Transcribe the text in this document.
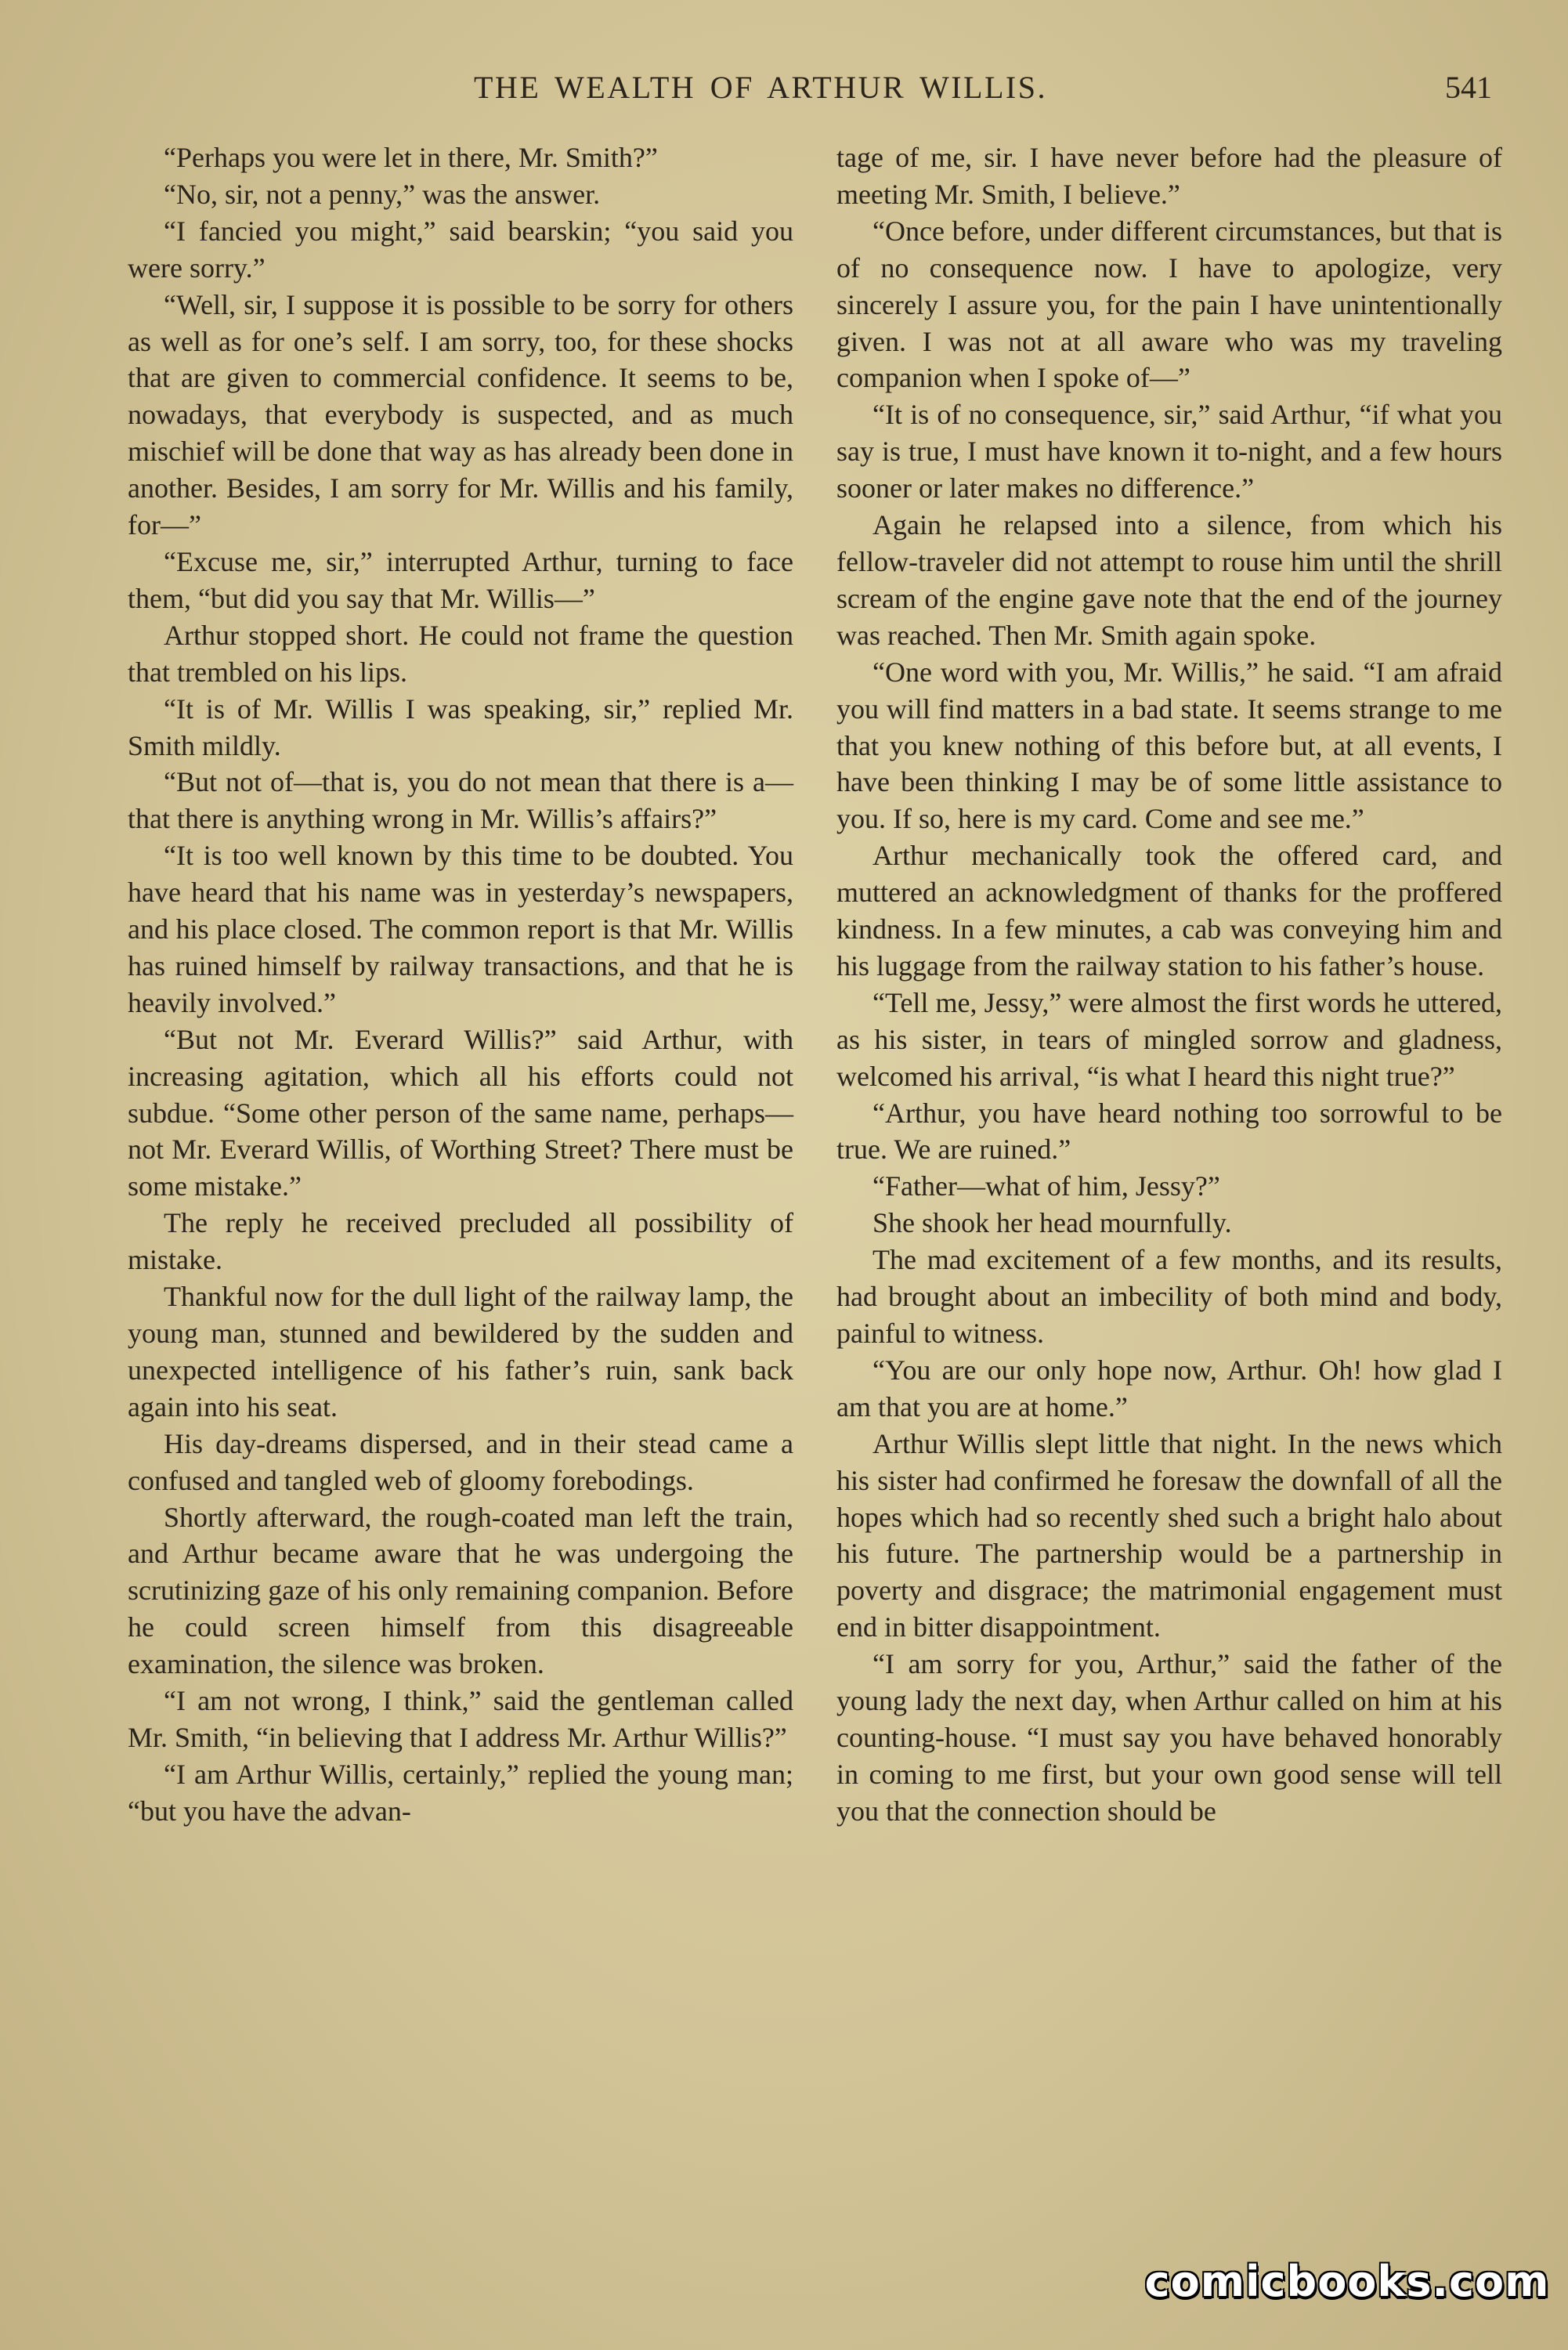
THE WEALTH OF ARTHUR WILLIS.	541

“Perhaps you were let in there, Mr. Smith?”

“No, sir, not a penny,” was the answer.

“I fancied you might,” said bearskin; “you said you were sorry.”

“Well, sir, I suppose it is possible to be sorry for others as well as for one’s self. I am sorry, too, for these shocks that are given to commercial confidence. It seems to be, nowadays, that everybody is suspected, and as much mischief will be done that way as has already been done in another. Besides, I am sorry for Mr. Willis and his family, for—”

“Excuse me, sir,” interrupted Arthur, turning to face them, “but did you say that Mr. Willis—”

Arthur stopped short. He could not frame the question that trembled on his lips.

“It is of Mr. Willis I was speaking, sir,” replied Mr. Smith mildly.

“But not of—that is, you do not mean that there is a—that there is anything wrong in Mr. Willis’s affairs?”

“It is too well known by this time to be doubted. You have heard that his name was in yesterday’s newspapers, and his place closed. The common report is that Mr. Willis has ruined himself by railway transactions, and that he is heavily involved.”

“But not Mr. Everard Willis?” said Arthur, with increasing agitation, which all his efforts could not subdue. “Some other person of the same name, perhaps—not Mr. Everard Willis, of Worthing Street? There must be some mistake.”

The reply he received precluded all possibility of mistake.

Thankful now for the dull light of the railway lamp, the young man, stunned and bewildered by the sudden and unexpected intelligence of his father’s ruin, sank back again into his seat.

His day-dreams dispersed, and in their stead came a confused and tangled web of gloomy forebodings.

Shortly afterward, the rough-coated man left the train, and Arthur became aware that he was undergoing the scrutinizing gaze of his only remaining companion. Before he could screen himself from this disagreeable examination, the silence was broken.

“I am not wrong, I think,” said the gentleman called Mr. Smith, “in believing that I address Mr. Arthur Willis?”

“I am Arthur Willis, certainly,” replied the young man; “but you have the advan-

tage of me, sir. I have never before had the pleasure of meeting Mr. Smith, I believe.”

“Once before, under different circumstances, but that is of no consequence now. I have to apologize, very sincerely I assure you, for the pain I have unintentionally given. I was not at all aware who was my traveling companion when I spoke of—”

“It is of no consequence, sir,” said Arthur, “if what you say is true, I must have known it to-night, and a few hours sooner or later makes no difference.”

Again he relapsed into a silence, from which his fellow-traveler did not attempt to rouse him until the shrill scream of the engine gave note that the end of the journey was reached. Then Mr. Smith again spoke.

“One word with you, Mr. Willis,” he said. “I am afraid you will find matters in a bad state. It seems strange to me that you knew nothing of this before but, at all events, I have been thinking I may be of some little assistance to you. If so, here is my card. Come and see me.”

Arthur mechanically took the offered card, and muttered an acknowledgment of thanks for the proffered kindness. In a few minutes, a cab was conveying him and his luggage from the railway station to his father’s house.

“Tell me, Jessy,” were almost the first words he uttered, as his sister, in tears of mingled sorrow and gladness, welcomed his arrival, “is what I heard this night true?”

“Arthur, you have heard nothing too sorrowful to be true. We are ruined.”

“Father—what of him, Jessy?”

She shook her head mournfully.

The mad excitement of a few months, and its results, had brought about an imbecility of both mind and body, painful to witness.

“You are our only hope now, Arthur. Oh! how glad I am that you are at home.”

Arthur Willis slept little that night. In the news which his sister had confirmed he foresaw the downfall of all the hopes which had so recently shed such a bright halo about his future. The partnership would be a partnership in poverty and disgrace; the matrimonial engagement must end in bitter disappointment.

“I am sorry for you, Arthur,” said the father of the young lady the next day, when Arthur called on him at his counting-house. “I must say you have behaved honorably in coming to me first, but your own good sense will tell you that the connection should be

comicbooks.com
